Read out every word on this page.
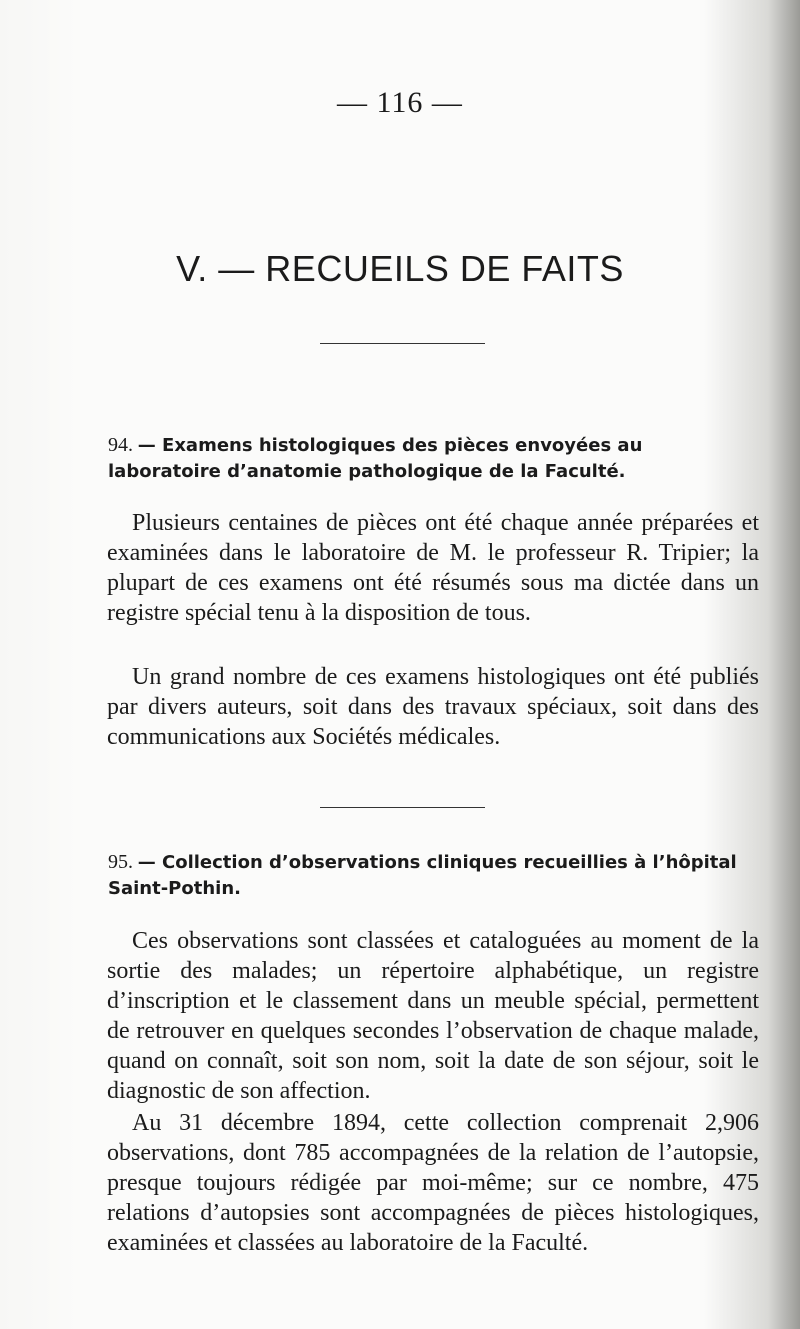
— 116 —
V. — RECUEILS DE FAITS
94. — Examens histologiques des pièces envoyées au laboratoire d’anatomie pathologique de la Faculté.

Plusieurs centaines de pièces ont été chaque année préparées et examinées dans le laboratoire de M. le professeur R. Tripier; la plupart de ces examens ont été résumés sous ma dictée dans un registre spécial tenu à la disposition de tous.

Un grand nombre de ces examens histologiques ont été publiés par divers auteurs, soit dans des travaux spéciaux, soit dans des communications aux Sociétés médicales.

95. — Collection d’observations cliniques recueillies à l’hôpital Saint-Pothin.

Ces observations sont classées et cataloguées au moment de la sortie des malades; un répertoire alphabétique, un registre d’inscription et le classement dans un meuble spécial, permettent de retrouver en quelques secondes l’observation de chaque malade, quand on connaît, soit son nom, soit la date de son séjour, soit le diagnostic de son affection.

Au 31 décembre 1894, cette collection comprenait 2,906 observations, dont 785 accompagnées de la relation de l’autopsie, presque toujours rédigée par moi-même; sur ce nombre, 475 relations d’autopsies sont accompagnées de pièces histologiques, examinées et classées au laboratoire de la Faculté.
